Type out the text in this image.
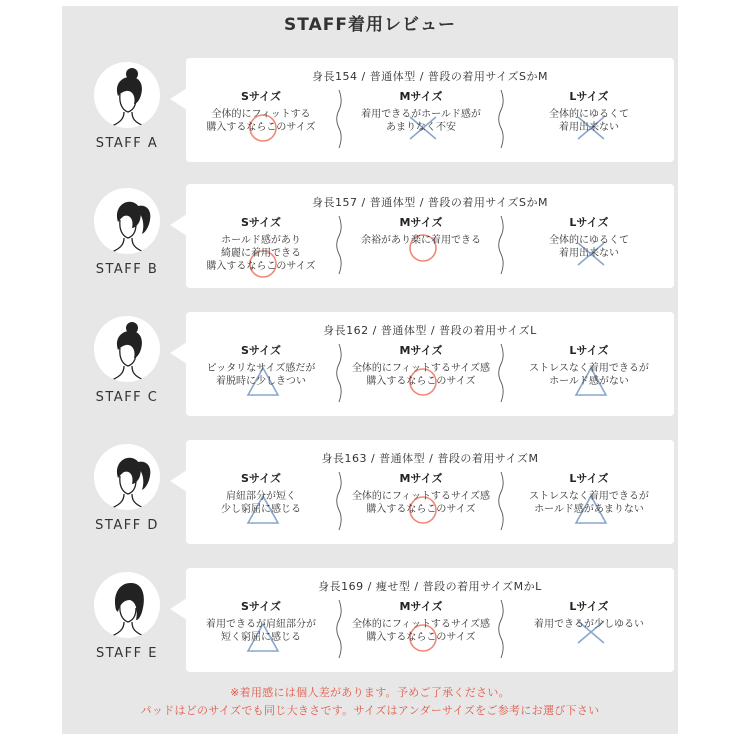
STAFF着用レビュー
STAFF A
身長154 / 普通体型 / 普段の着用サイズSかM
Sサイズ
全体的にフィットする
購入するならこのサイズ
Mサイズ
着用できるがホールド感が
あまりなく不安
Lサイズ
全体的にゆるくて
着用出来ない
STAFF B
身長157 / 普通体型 / 普段の着用サイズSかM
Sサイズ
ホールド感があり
綺麗に着用できる
購入するならこのサイズ
Mサイズ
余裕があり楽に着用できる
Lサイズ
全体的にゆるくて
着用出来ない
STAFF C
身長162 / 普通体型 / 普段の着用サイズL
Sサイズ
ピッタリなサイズ感だが
着脱時に少しきつい
Mサイズ
全体的にフィットするサイズ感
購入するならこのサイズ
Lサイズ
ストレスなく着用できるが
ホールド感がない
STAFF D
身長163 / 普通体型 / 普段の着用サイズM
Sサイズ
肩紐部分が短く
少し窮屈に感じる
Mサイズ
全体的にフィットするサイズ感
購入するならこのサイズ
Lサイズ
ストレスなく着用できるが
ホールド感があまりない
STAFF E
身長169 / 痩せ型 / 普段の着用サイズMかL
Sサイズ
着用できるが肩紐部分が
短く窮屈に感じる
Mサイズ
全体的にフィットするサイズ感
購入するならこのサイズ
Lサイズ
着用できるが少しゆるい
※着用感には個人差があります。予めご了承ください。
パッドはどのサイズでも同じ大きさです。サイズはアンダーサイズをご参考にお選び下さい
